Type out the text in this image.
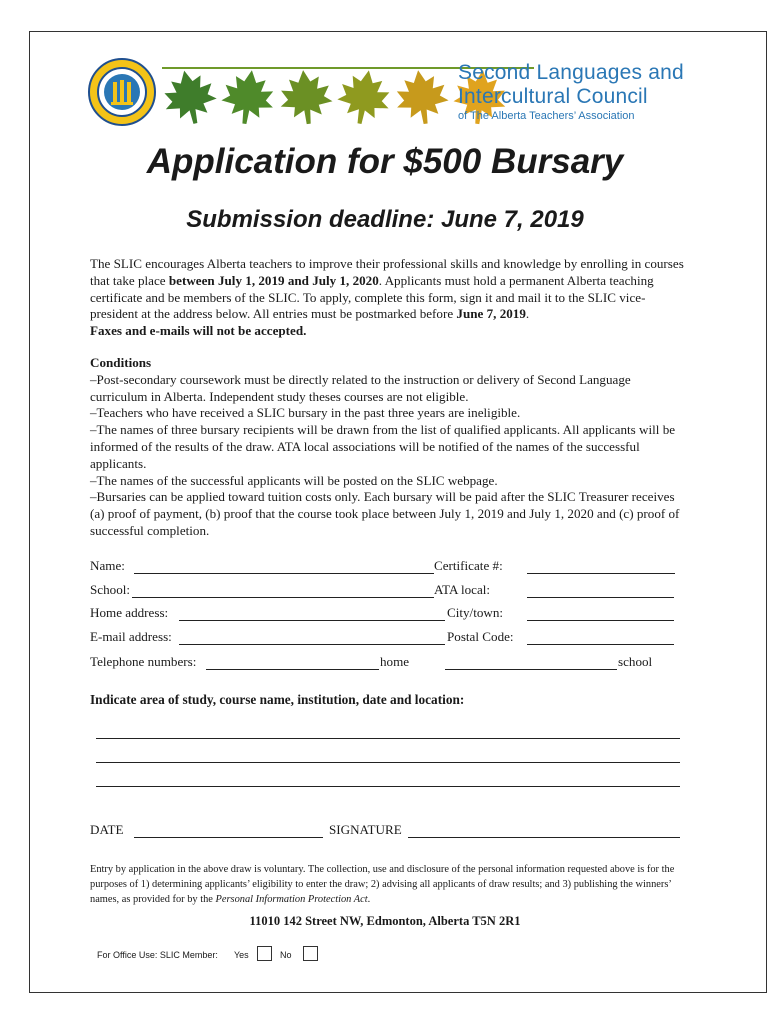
Second Languages and
Intercultural Council
of The Alberta Teachers’ Association
Application for $500 Bursary
Submission deadline: June 7, 2019
The SLIC encourages Alberta teachers to improve their professional skills and knowledge by enrolling in courses that take place between July 1, 2019 and July 1, 2020. Applicants must hold a permanent Alberta teaching certificate and be members of the SLIC. To apply, complete this form, sign it and mail it to the SLIC vice-president at the address below. All entries must be postmarked before June 7, 2019.
Faxes and e-mails will not be accepted.

Conditions

–Post-secondary coursework must be directly related to the instruction or delivery of Second Language curriculum in Alberta. Independent study theses courses are not eligible.

–Teachers who have received a SLIC bursary in the past three years are ineligible.

–The names of three bursary recipients will be drawn from the list of qualified applicants. All applicants will be informed of the results of the draw. ATA local associations will be notified of the names of the successful applicants.

–The names of the successful applicants will be posted on the SLIC webpage.

–Bursaries can be applied toward tuition costs only. Each bursary will be paid after the SLIC Treasurer receives (a) proof of payment, (b) proof that the course took place between July 1, 2019 and July 1, 2020 and (c) proof of successful completion.

Name:	Certificate #:
School:	ATA local:
Home address:	City/town:
E-mail address:	Postal Code:
Telephone numbers:	home	school
Indicate area of study, course name, institution, date and location:
DATE	SIGNATURE
Entry by application in the above draw is voluntary. The collection, use and disclosure of the personal information requested above is for the purposes of 1) determining applicants’ eligibility to enter the draw; 2) advising all applicants of draw results; and 3) publishing the winners’ names, as provided for by the Personal Information Protection Act.
11010 142 Street NW, Edmonton, Alberta T5N 2R1
For Office Use: SLIC Member: Yes	No
